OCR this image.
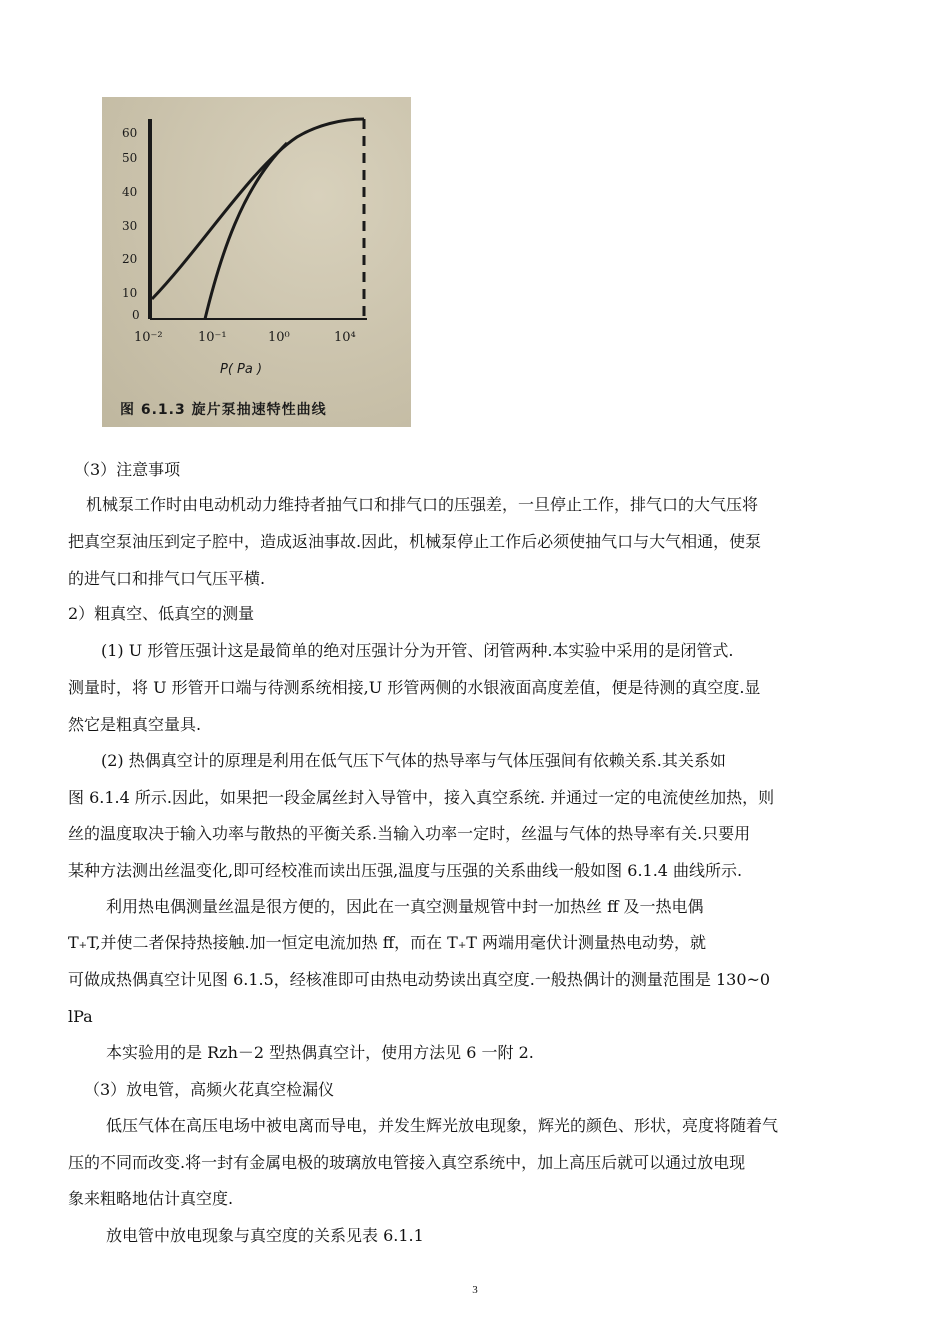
60
50
40
30
20
10
0
10⁻²	10⁻¹	10⁰	10⁴
P( Pa )
图 6.1.3 旋片泵抽速特性曲线

（3）注意事项

机械泵工作时由电动机动力维持者抽气口和排气口的压强差，一旦停止工作，排气口的大气压将

把真空泵油压到定子腔中，造成返油事故.因此，机械泵停止工作后必须使抽气口与大气相通，使泵

的进气口和排气口气压平横.

2）粗真空、低真空的测量

(1) U 形管压强计这是最简单的绝对压强计分为开管、闭管两种.本实验中采用的是闭管式.

测量时，将 U 形管开口端与待测系统相接,U 形管两侧的水银液面高度差值，便是待测的真空度.显

然它是粗真空量具.

(2) 热偶真空计的原理是利用在低气压下气体的热导率与气体压强间有依赖关系.其关系如

图 6.1.4 所示.因此，如果把一段金属丝封入导管中，接入真空系统. 并通过一定的电流使丝加热，则

丝的温度取决于输入功率与散热的平衡关系.当输入功率一定时，丝温与气体的热导率有关.只要用

某种方法测出丝温变化,即可经校准而读出压强,温度与压强的关系曲线一般如图 6.1.4 曲线所示.

利用热电偶测量丝温是很方便的，因此在一真空测量规管中封一加热丝 ff 及一热电偶

T₊T,并使二者保持热接触.加一恒定电流加热 ff，而在 T₊T 两端用毫伏计测量热电动势，就

可做成热偶真空计见图 6.1.5，经核准即可由热电动势读出真空度.一般热偶计的测量范围是 130~0

lPa

本实验用的是 Rzh－2 型热偶真空计，使用方法见 6 一附 2.

（3）放电管，高频火花真空检漏仪

低压气体在高压电场中被电离而导电，并发生辉光放电现象，辉光的颜色、形状，亮度将随着气

压的不同而改变.将一封有金属电极的玻璃放电管接入真空系统中，加上高压后就可以通过放电现

象来粗略地估计真空度.

放电管中放电现象与真空度的关系见表 6.1.1

3
